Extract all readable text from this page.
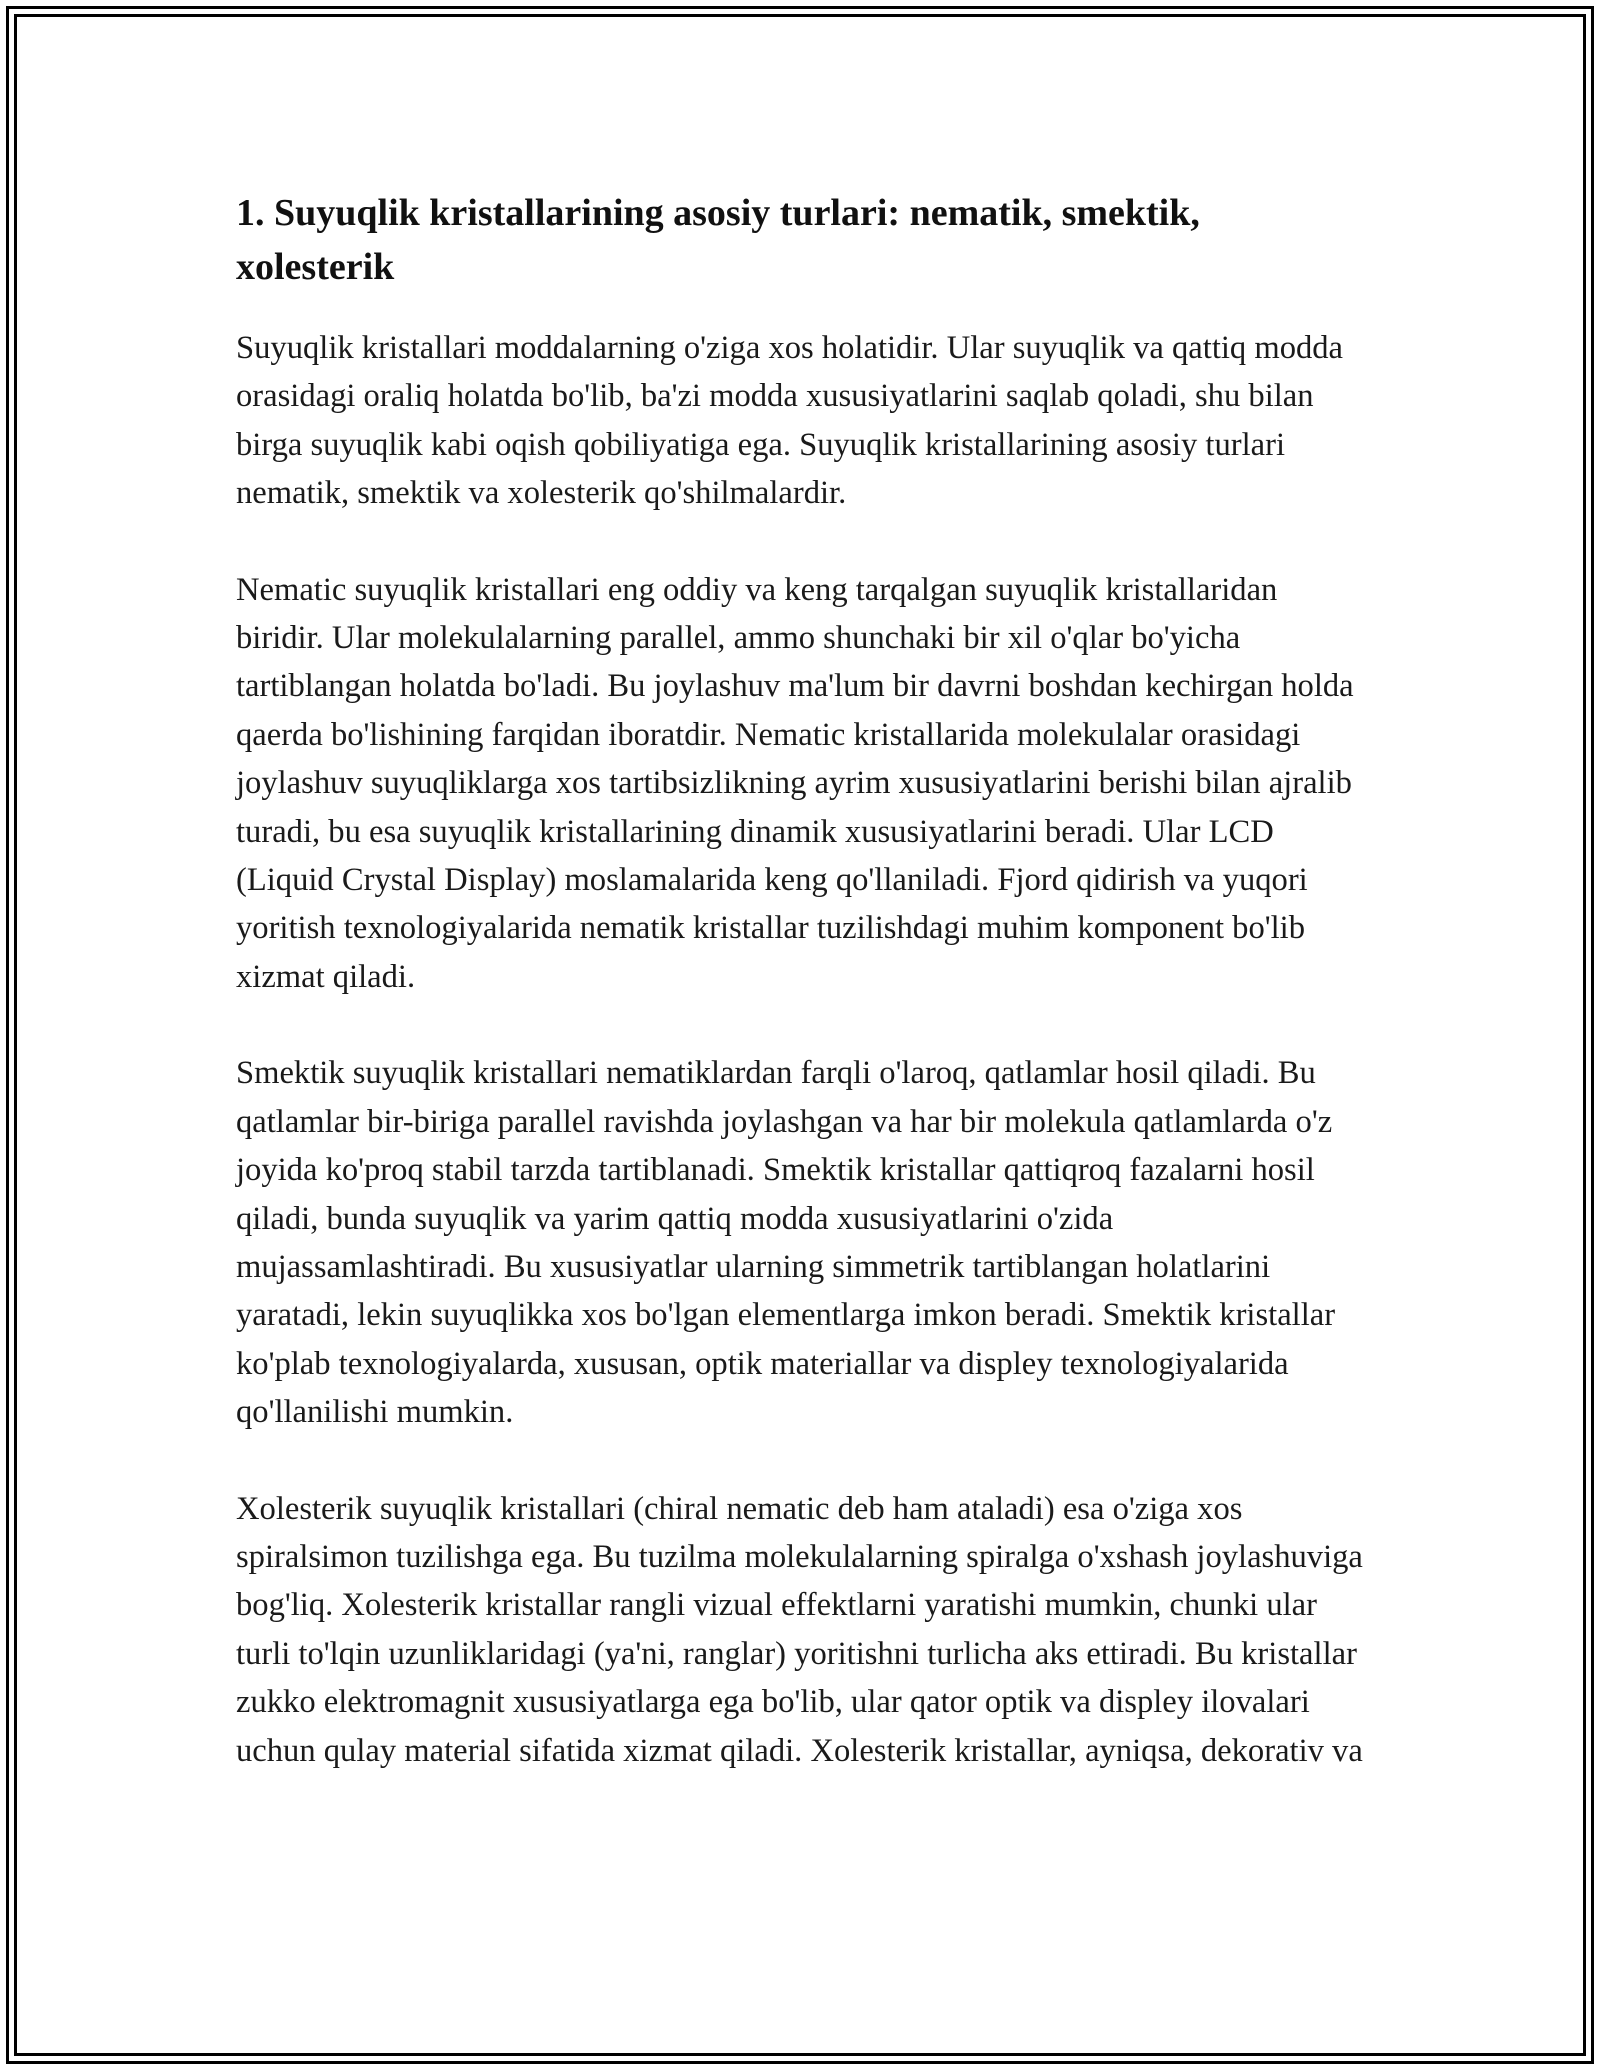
1. Suyuqlik kristallarining asosiy turlari: nematik, smektik, xolesterik

Suyuqlik kristallari moddalarning o'ziga xos holatidir. Ular suyuqlik va qattiq modda orasidagi oraliq holatda bo'lib, ba'zi modda xususiyatlarini saqlab qoladi, shu bilan birga suyuqlik kabi oqish qobiliyatiga ega. Suyuqlik kristallarining asosiy turlari nematik, smektik va xolesterik qo'shilmalardir.

Nematic suyuqlik kristallari eng oddiy va keng tarqalgan suyuqlik kristallaridan biridir. Ular molekulalarning parallel, ammo shunchaki bir xil o'qlar bo'yicha tartiblangan holatda bo'ladi. Bu joylashuv ma'lum bir davrni boshdan kechirgan holda qaerda bo'lishining farqidan iboratdir. Nematic kristallarida molekulalar orasidagi joylashuv suyuqliklarga xos tartibsizlikning ayrim xususiyatlarini berishi bilan ajralib turadi, bu esa suyuqlik kristallarining dinamik xususiyatlarini beradi. Ular LCD (Liquid Crystal Display) moslamalarida keng qo'llaniladi. Fjord qidirish va yuqori yoritish texnologiyalarida nematik kristallar tuzilishdagi muhim komponent bo'lib xizmat qiladi.

Smektik suyuqlik kristallari nematiklardan farqli o'laroq, qatlamlar hosil qiladi. Bu qatlamlar bir-biriga parallel ravishda joylashgan va har bir molekula qatlamlarda o'z joyida ko'proq stabil tarzda tartiblanadi. Smektik kristallar qattiqroq fazalarni hosil qiladi, bunda suyuqlik va yarim qattiq modda xususiyatlarini o'zida mujassamlashtiradi. Bu xususiyatlar ularning simmetrik tartiblangan holatlarini yaratadi, lekin suyuqlikka xos bo'lgan elementlarga imkon beradi. Smektik kristallar ko'plab texnologiyalarda, xususan, optik materiallar va displey texnologiyalarida qo'llanilishi mumkin.

Xolesterik suyuqlik kristallari (chiral nematic deb ham ataladi) esa o'ziga xos spiralsimon tuzilishga ega. Bu tuzilma molekulalarning spiralga o'xshash joylashuviga bog'liq. Xolesterik kristallar rangli vizual effektlarni yaratishi mumkin, chunki ular turli to'lqin uzunliklaridagi (ya'ni, ranglar) yoritishni turlicha aks ettiradi. Bu kristallar zukko elektromagnit xususiyatlarga ega bo'lib, ular qator optik va displey ilovalari uchun qulay material sifatida xizmat qiladi. Xolesterik kristallar, ayniqsa, dekorativ va
